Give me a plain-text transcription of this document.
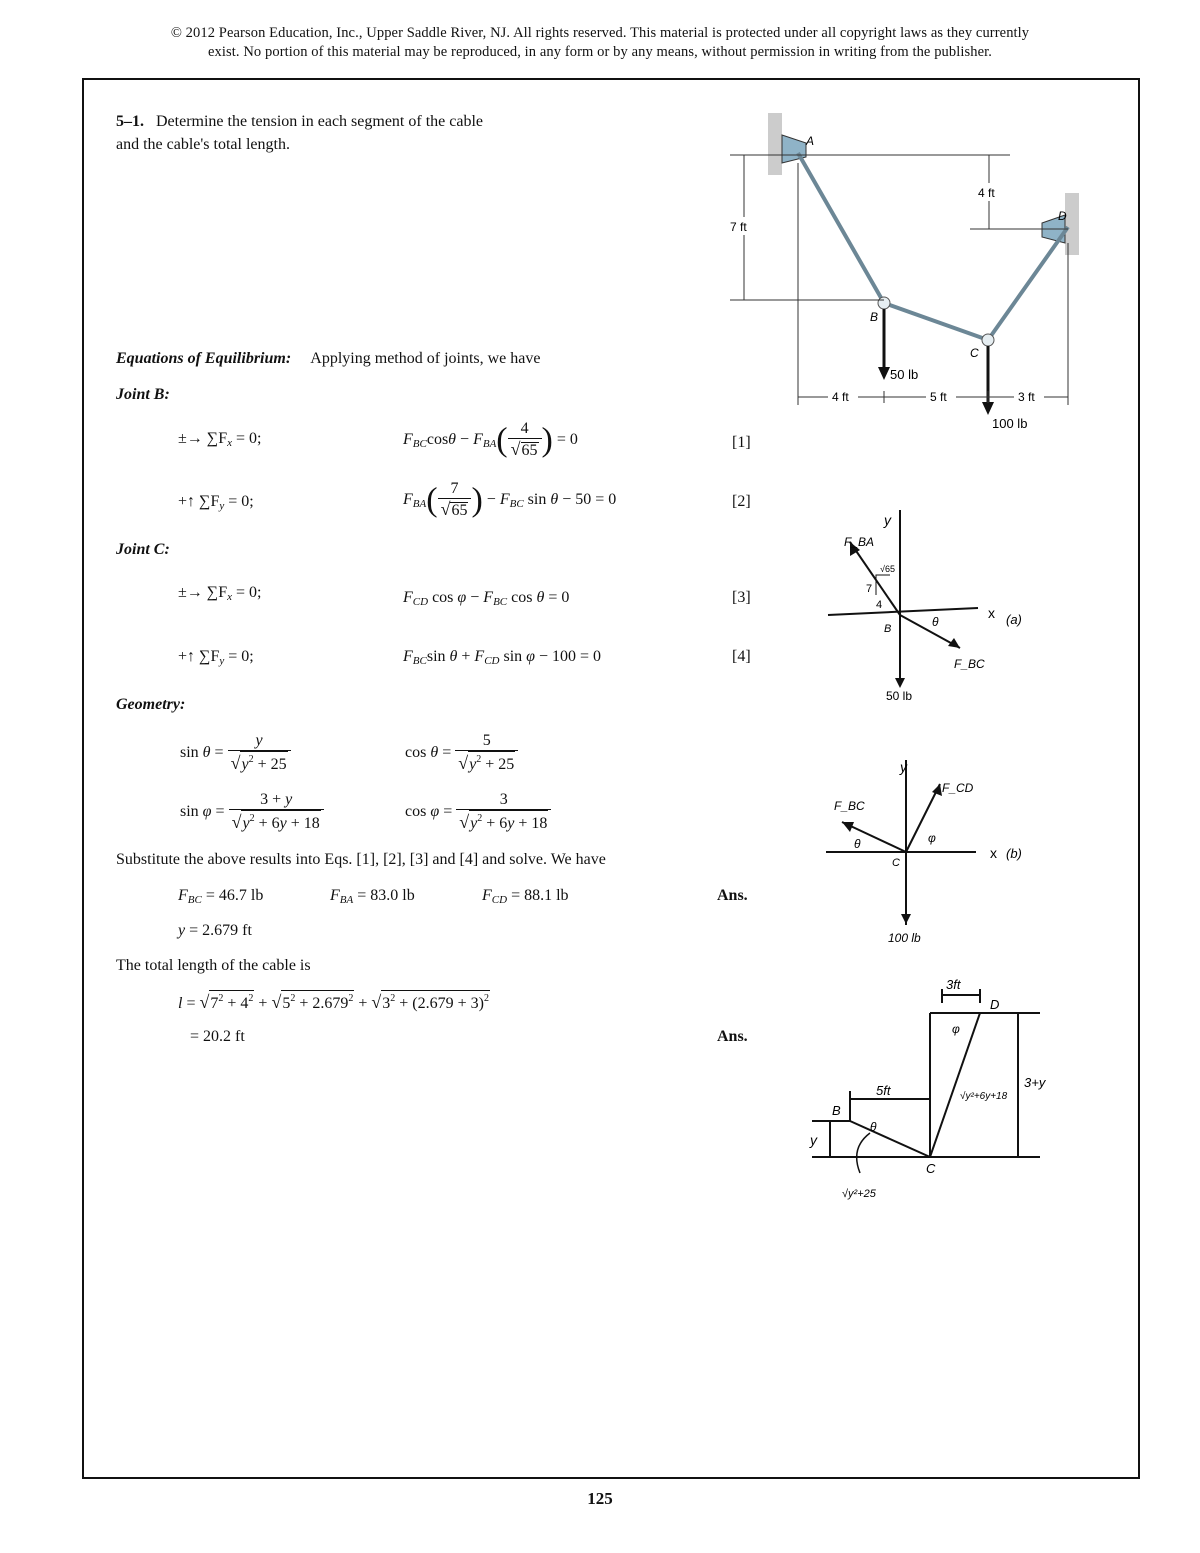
© 2012 Pearson Education, Inc., Upper Saddle River, NJ. All rights reserved. This material is protected under all copyright laws as they currently
exist. No portion of this material may be reproduced, in any form or by any means, without permission in writing from the publisher.
5–1. Determine the tension in each segment of the cable
and the cable's total length.
Equations of Equilibrium: Applying method of joints, we have
Joint B:
±→ $\sum F_x = 0$;	$F_{BC}\cos\theta - F_{BA}( \frac{4}{√65}$ ) = 0	[1]
+↑ $\sum F_y = 0$;	$F_{BA}( \frac{7}{√65}$ ) − $F_{BC}$ sin θ − 50 = 0	[2]
Joint C:
±→ $\sum F_x = 0$;	$F_{CD}$ $\cos \varphi - F_{BC}$ cos θ = 0	[3]
+↑ $\sum F_y = 0$;	$F_{BC}\sin$ $\theta + F_{CD}$ sin φ − 100 = 0	[4]
Geometry:
$\sin \theta = \frac{y}{√y^2 + 25}$	$\cos \theta = \frac{5}{√y^2 + 25}$
$\sin \varphi = \frac{3 + y}{√y^2 + 6y + 18}$	$\cos \varphi = \frac{3}{√y^2 + 6y + 18}$
Substitute the above results into Eqs. [1], [2], [3] and [4] and solve. We have
$F_{BC} = 46.7$ lb	$F_{BA} = 83.0$ lb	$F_{CD} = 88.1$ lb	Ans.
y = 2.679 ft
The total length of the cable is
$l = √7^2 + 4^2 + √5^2 + 2.679^2 + √3^2 + (2.679 + 3)^2$
= 20.2 ft	Ans.
7 ft
4 ft
4 ft	5 ft	3 ft
A
B
C
D
50 lb
100 lb
y
x (a)
F_BA
F_BC
50 lb
7
4
√65
θ
B
y
x (b)
F_BC
F_CD
100 lb
θ	φ
C
3ft
5ft
D
B
C
y
3+y
√y²+6y+18
√y²+25
θ
φ
125
